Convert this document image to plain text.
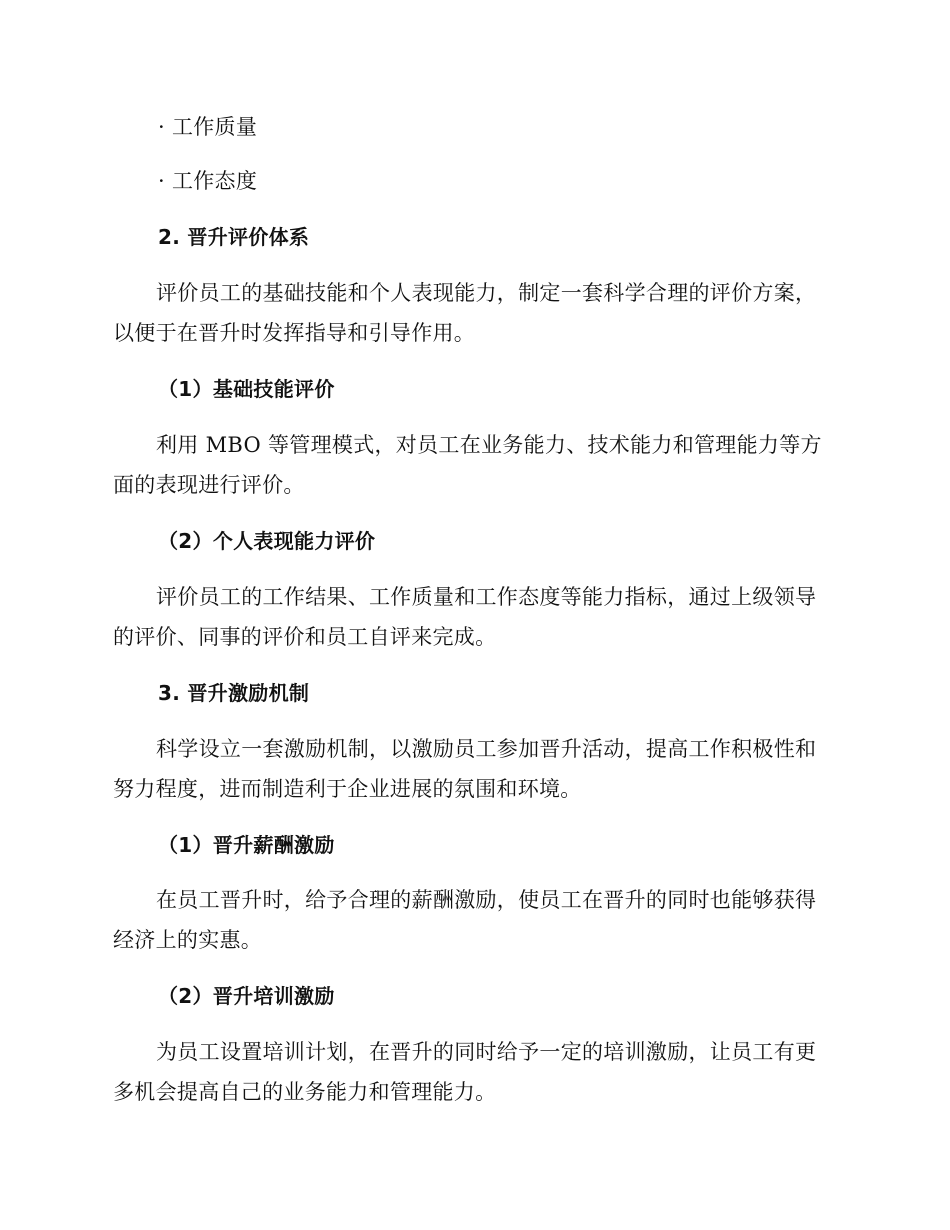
· 工作质量
· 工作态度
2. 晋升评价体系
评价员工的基础技能和个人表现能力，制定一套科学合理的评价方案，
以便于在晋升时发挥指导和引导作用。
（1）基础技能评价
利用 MBO 等管理模式，对员工在业务能力、技术能力和管理能力等方
面的表现进行评价。
（2）个人表现能力评价
评价员工的工作结果、工作质量和工作态度等能力指标，通过上级领导
的评价、同事的评价和员工自评来完成。
3. 晋升激励机制
科学设立一套激励机制，以激励员工参加晋升活动，提高工作积极性和
努力程度，进而制造利于企业进展的氛围和环境。
（1）晋升薪酬激励
在员工晋升时，给予合理的薪酬激励，使员工在晋升的同时也能够获得
经济上的实惠。
（2）晋升培训激励
为员工设置培训计划，在晋升的同时给予一定的培训激励，让员工有更
多机会提高自己的业务能力和管理能力。
